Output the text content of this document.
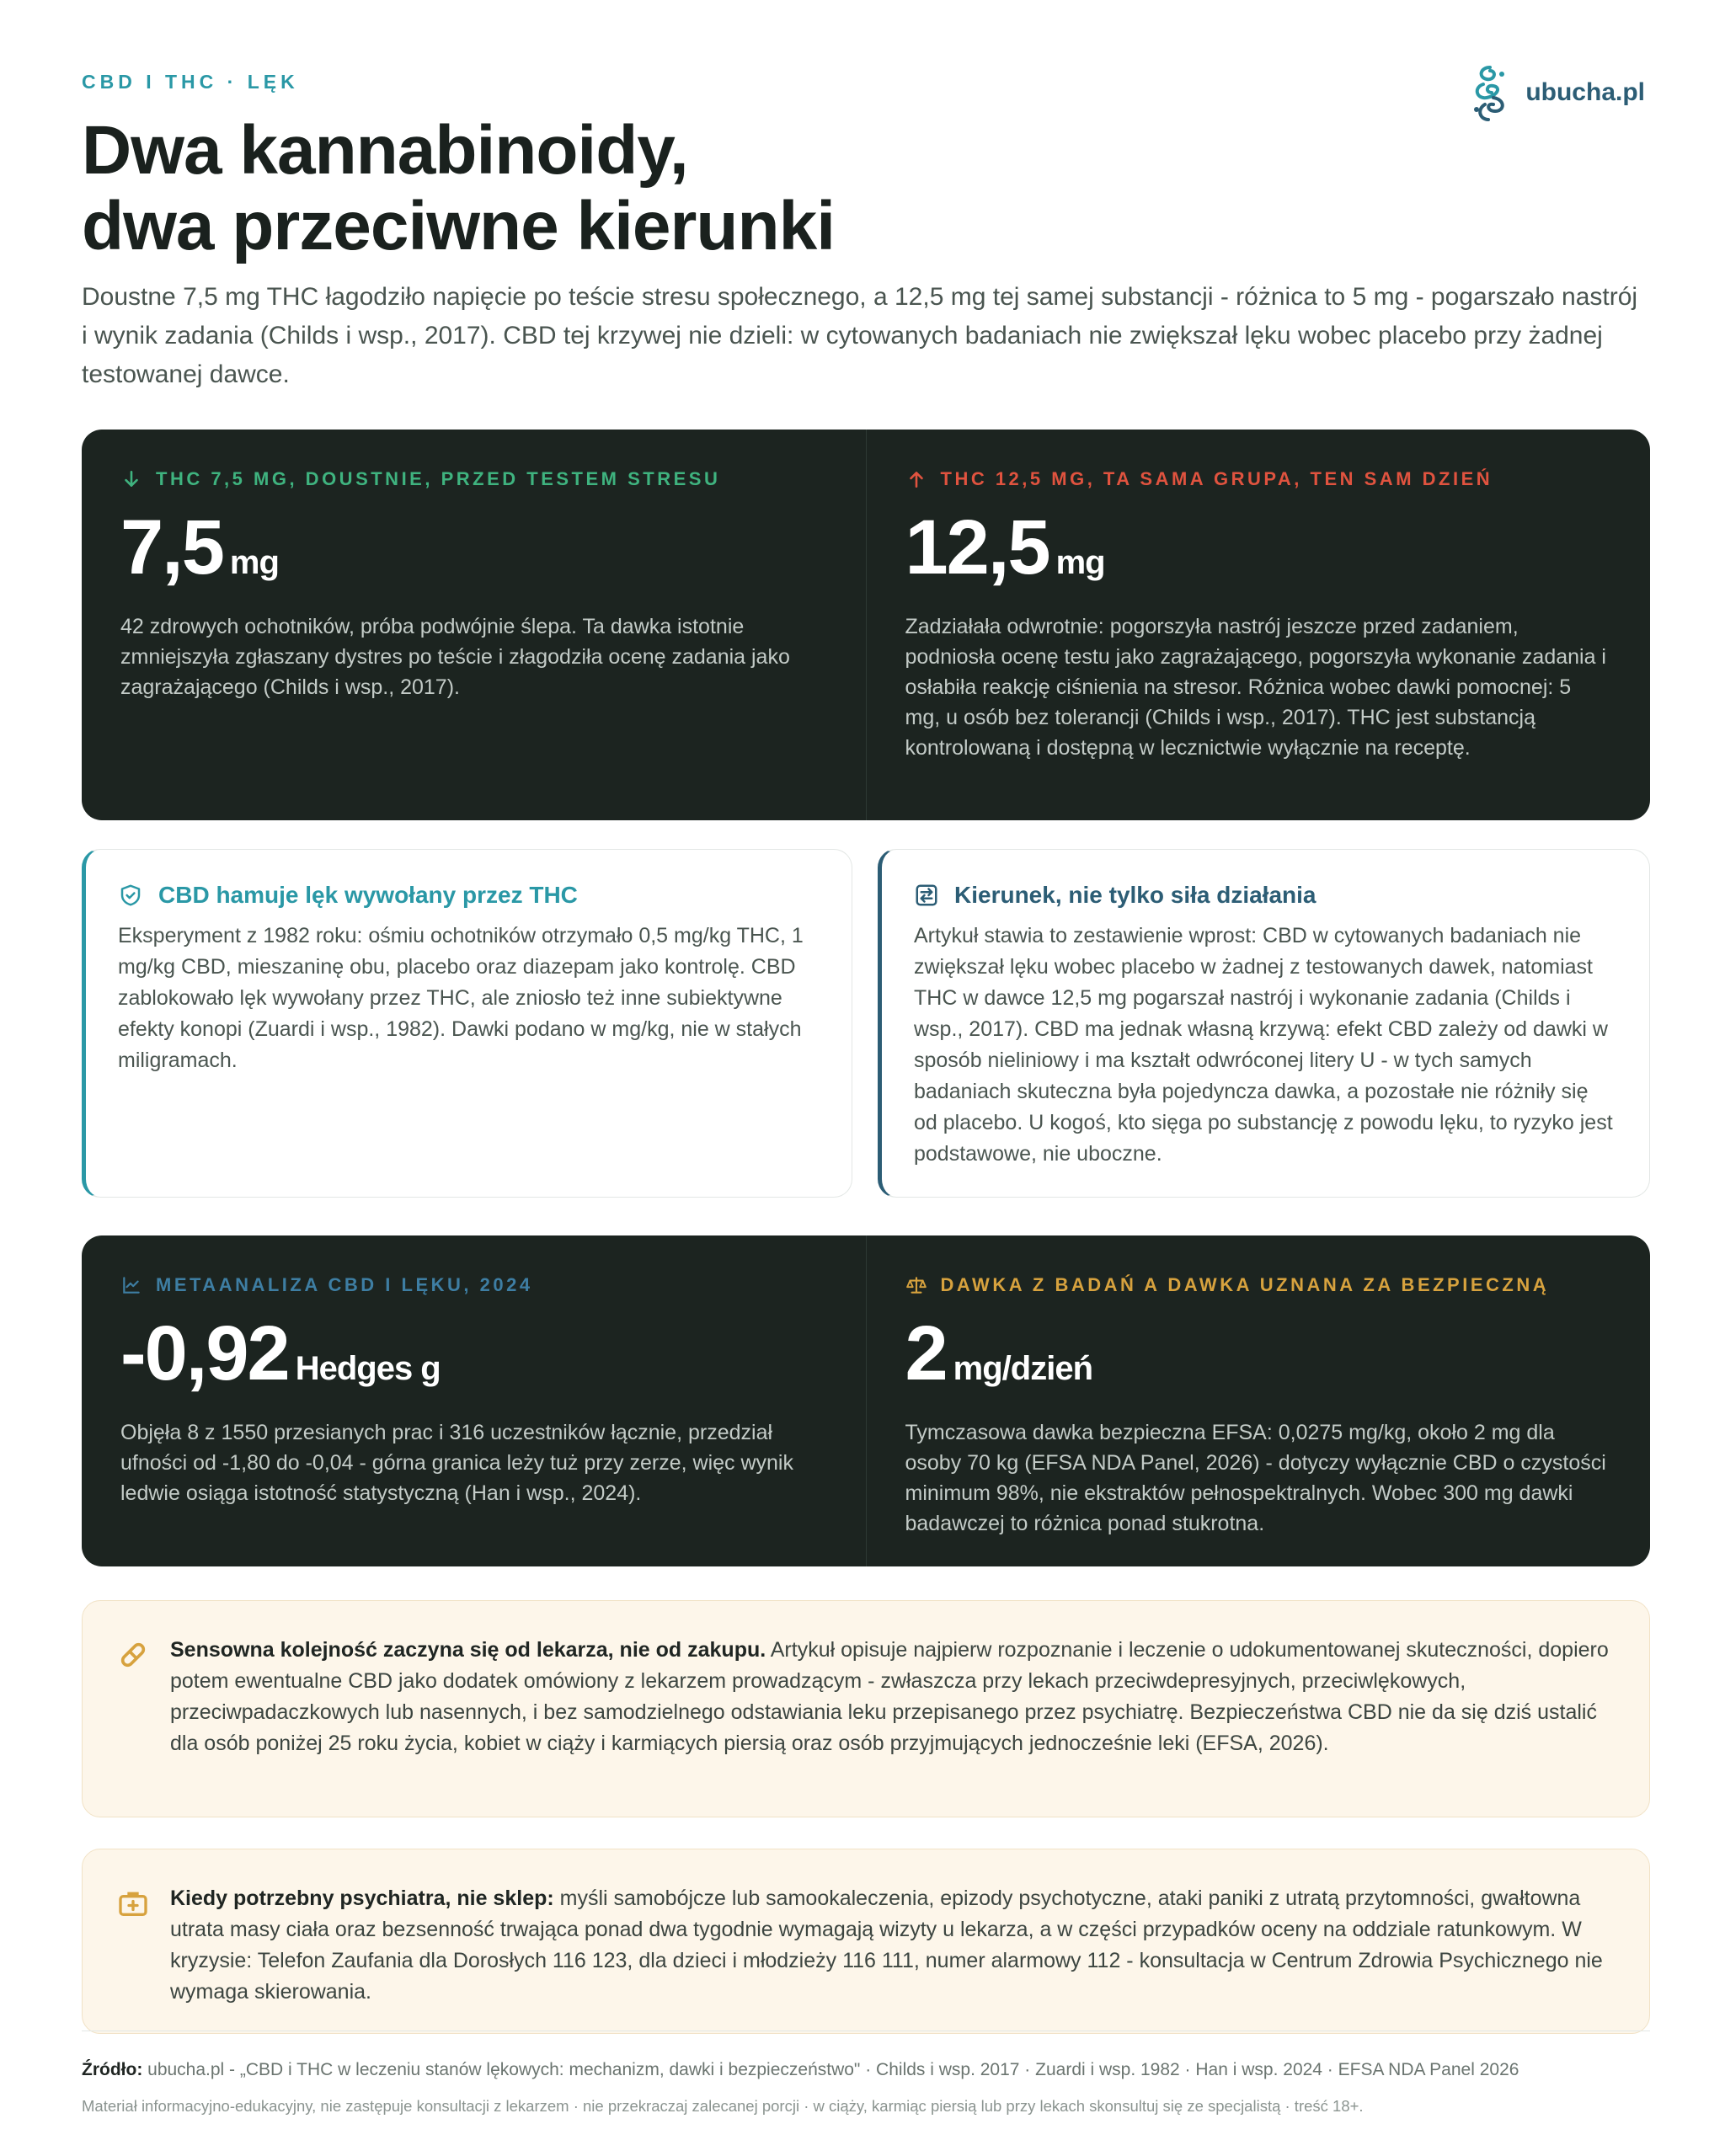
CBD I THC · LĘK	ubucha.pl
Dwa kannabinoidy,
dwa przeciwne kierunki

Doustne 7,5 mg THC łagodziło napięcie po teście stresu społecznego, a 12,5 mg tej samej substancji - różnica to 5 mg - pogarszało nastrój i wynik zadania (Childs i wsp., 2017). CBD tej krzywej nie dzieli: w cytowanych badaniach nie zwiększał lęku wobec placebo przy żadnej testowanej dawce.

THC 7,5 MG, DOUSTNIE, PRZED TESTEM STRESU
7,5 mg

42 zdrowych ochotników, próba podwójnie ślepa. Ta dawka istotnie zmniejszyła zgłaszany dystres po teście i złagodziła ocenę zadania jako zagrażającego (Childs i wsp., 2017).

THC 12,5 MG, TA SAMA GRUPA, TEN SAM DZIEŃ
12,5 mg

Zadziałała odwrotnie: pogorszyła nastrój jeszcze przed zadaniem, podniosła ocenę testu jako zagrażającego, pogorszyła wykonanie zadania i osłabiła reakcję ciśnienia na stresor. Różnica wobec dawki pomocnej: 5 mg, u osób bez tolerancji (Childs i wsp., 2017). THC jest substancją kontrolowaną i dostępną w lecznictwie wyłącznie na receptę.

CBD hamuje lęk wywołany przez THC

Eksperyment z 1982 roku: ośmiu ochotników otrzymało 0,5 mg/kg THC, 1 mg/kg CBD, mieszaninę obu, placebo oraz diazepam jako kontrolę. CBD zablokowało lęk wywołany przez THC, ale zniosło też inne subiektywne efekty konopi (Zuardi i wsp., 1982). Dawki podano w mg/kg, nie w stałych miligramach.

Kierunek, nie tylko siła działania

Artykuł stawia to zestawienie wprost: CBD w cytowanych badaniach nie zwiększał lęku wobec placebo w żadnej z testowanych dawek, natomiast THC w dawce 12,5 mg pogarszał nastrój i wykonanie zadania (Childs i wsp., 2017). CBD ma jednak własną krzywą: efekt CBD zależy od dawki w sposób nieliniowy i ma kształt odwróconej litery U - w tych samych badaniach skuteczna była pojedyncza dawka, a pozostałe nie różniły się od placebo. U kogoś, kto sięga po substancję z powodu lęku, to ryzyko jest podstawowe, nie uboczne.

METAANALIZA CBD I LĘKU, 2024
-0,92 Hedges g

Objęła 8 z 1550 przesianych prac i 316 uczestników łącznie, przedział ufności od -1,80 do -0,04 - górna granica leży tuż przy zerze, więc wynik ledwie osiąga istotność statystyczną (Han i wsp., 2024).

DAWKA Z BADAŃ A DAWKA UZNANA ZA BEZPIECZNĄ
2 mg/dzień

Tymczasowa dawka bezpieczna EFSA: 0,0275 mg/kg, około 2 mg dla osoby 70 kg (EFSA NDA Panel, 2026) - dotyczy wyłącznie CBD o czystości minimum 98%, nie ekstraktów pełnospektralnych. Wobec 300 mg dawki badawczej to różnica ponad stukrotna.

Sensowna kolejność zaczyna się od lekarza, nie od zakupu. Artykuł opisuje najpierw rozpoznanie i leczenie o udokumentowanej skuteczności, dopiero potem ewentualne CBD jako dodatek omówiony z lekarzem prowadzącym - zwłaszcza przy lekach przeciwdepresyjnych, przeciwlękowych, przeciwpadaczkowych lub nasennych, i bez samodzielnego odstawiania leku przepisanego przez psychiatrę. Bezpieczeństwa CBD nie da się dziś ustalić dla osób poniżej 25 roku życia, kobiet w ciąży i karmiących piersią oraz osób przyjmujących jednocześnie leki (EFSA, 2026).

Kiedy potrzebny psychiatra, nie sklep: myśli samobójcze lub samookaleczenia, epizody psychotyczne, ataki paniki z utratą przytomności, gwałtowna utrata masy ciała oraz bezsenność trwająca ponad dwa tygodnie wymagają wizyty u lekarza, a w części przypadków oceny na oddziale ratunkowym. W kryzysie: Telefon Zaufania dla Dorosłych 116 123, dla dzieci i młodzieży 116 111, numer alarmowy 112 - konsultacja w Centrum Zdrowia Psychicznego nie wymaga skierowania.

Źródło: ubucha.pl - „CBD i THC w leczeniu stanów lękowych: mechanizm, dawki i bezpieczeństwo" · Childs i wsp. 2017 · Zuardi i wsp. 1982 · Han i wsp. 2024 · EFSA NDA Panel 2026

Materiał informacyjno-edukacyjny, nie zastępuje konsultacji z lekarzem · nie przekraczaj zalecanej porcji · w ciąży, karmiąc piersią lub przy lekach skonsultuj się ze specjalistą · treść 18+.
